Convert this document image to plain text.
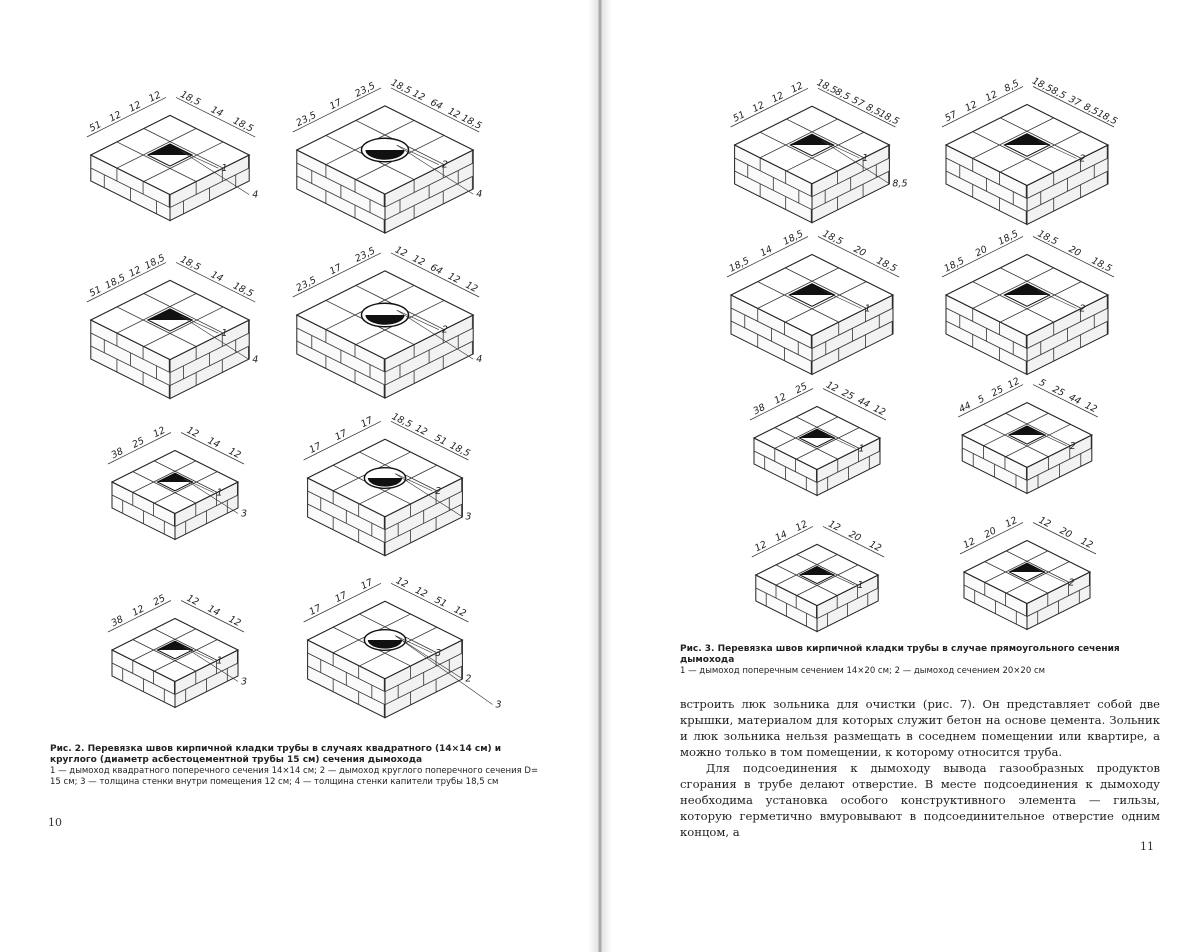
51
12
12
12 18,5
14
18,5
1
4
23,5
17
23,5 18,5
12
64
12
18,5
2
4
51
18,5
12
18,5 18,5
14
18,5
1
4
23,5
17
23,5 12
12
64
12
12
2
4
38
25
12 12
14
12
1
3
17
17
17 18,5
12
51
18,5
2
3
38
12
25 12
14
12
1
3
17
17
17 12
12
51
12
3
2
3
Рис. 2. Перевязка швов кирпичной кладки трубы в случаях квадратного (14×14 см) и круглого (диаметр асбестоцементной трубы 15 см) сечения дымохода
1 — дымоход квадратного поперечного сечения 14×14 см; 2 — дымоход круглого поперечного сечения D= 15 см; 3 — толщина стенки внутри помещения 12 см; 4 — толщина стенки капители трубы 18,5 см
10
51
12
12
12 18,5
8,5
57
8,5
18,5
1
8,5
57
12
12
8,5 18,5
8,5 37 8,5
18,5
2
18,5
14
18,5 18,5
20
18,5
1
18,5
20
18,5 18,5
20
18,5
2
38
12
25 12
25
44
12
1
44
5
25
12 5
25
44
12
2
12
14
12 12
20
12
1
12
20
12 12
20
12
2
Рис. 3. Перевязка швов кирпичной кладки трубы в случае прямоугольного сечения дымохода
1 — дымоход поперечным сечением 14×20 см; 2 — дымоход сечением 20×20 см

встроить люк зольника для очистки (рис. 7). Он представляет собой две крышки, материалом для которых служит бетон на основе цемента. Зольник и люк зольника нельзя размещать в соседнем помещении или квартире, а можно только в том помещении, к которому относится труба.

Для подсоединения к дымоходу вывода газообразных продуктов сгорания в трубе делают отверстие. В месте подсоединения к дымоходу необходима установка особого конструктивного элемента — гильзы, которую герметично вмуровывают в подсоединительное отверстие одним концом, а

11
